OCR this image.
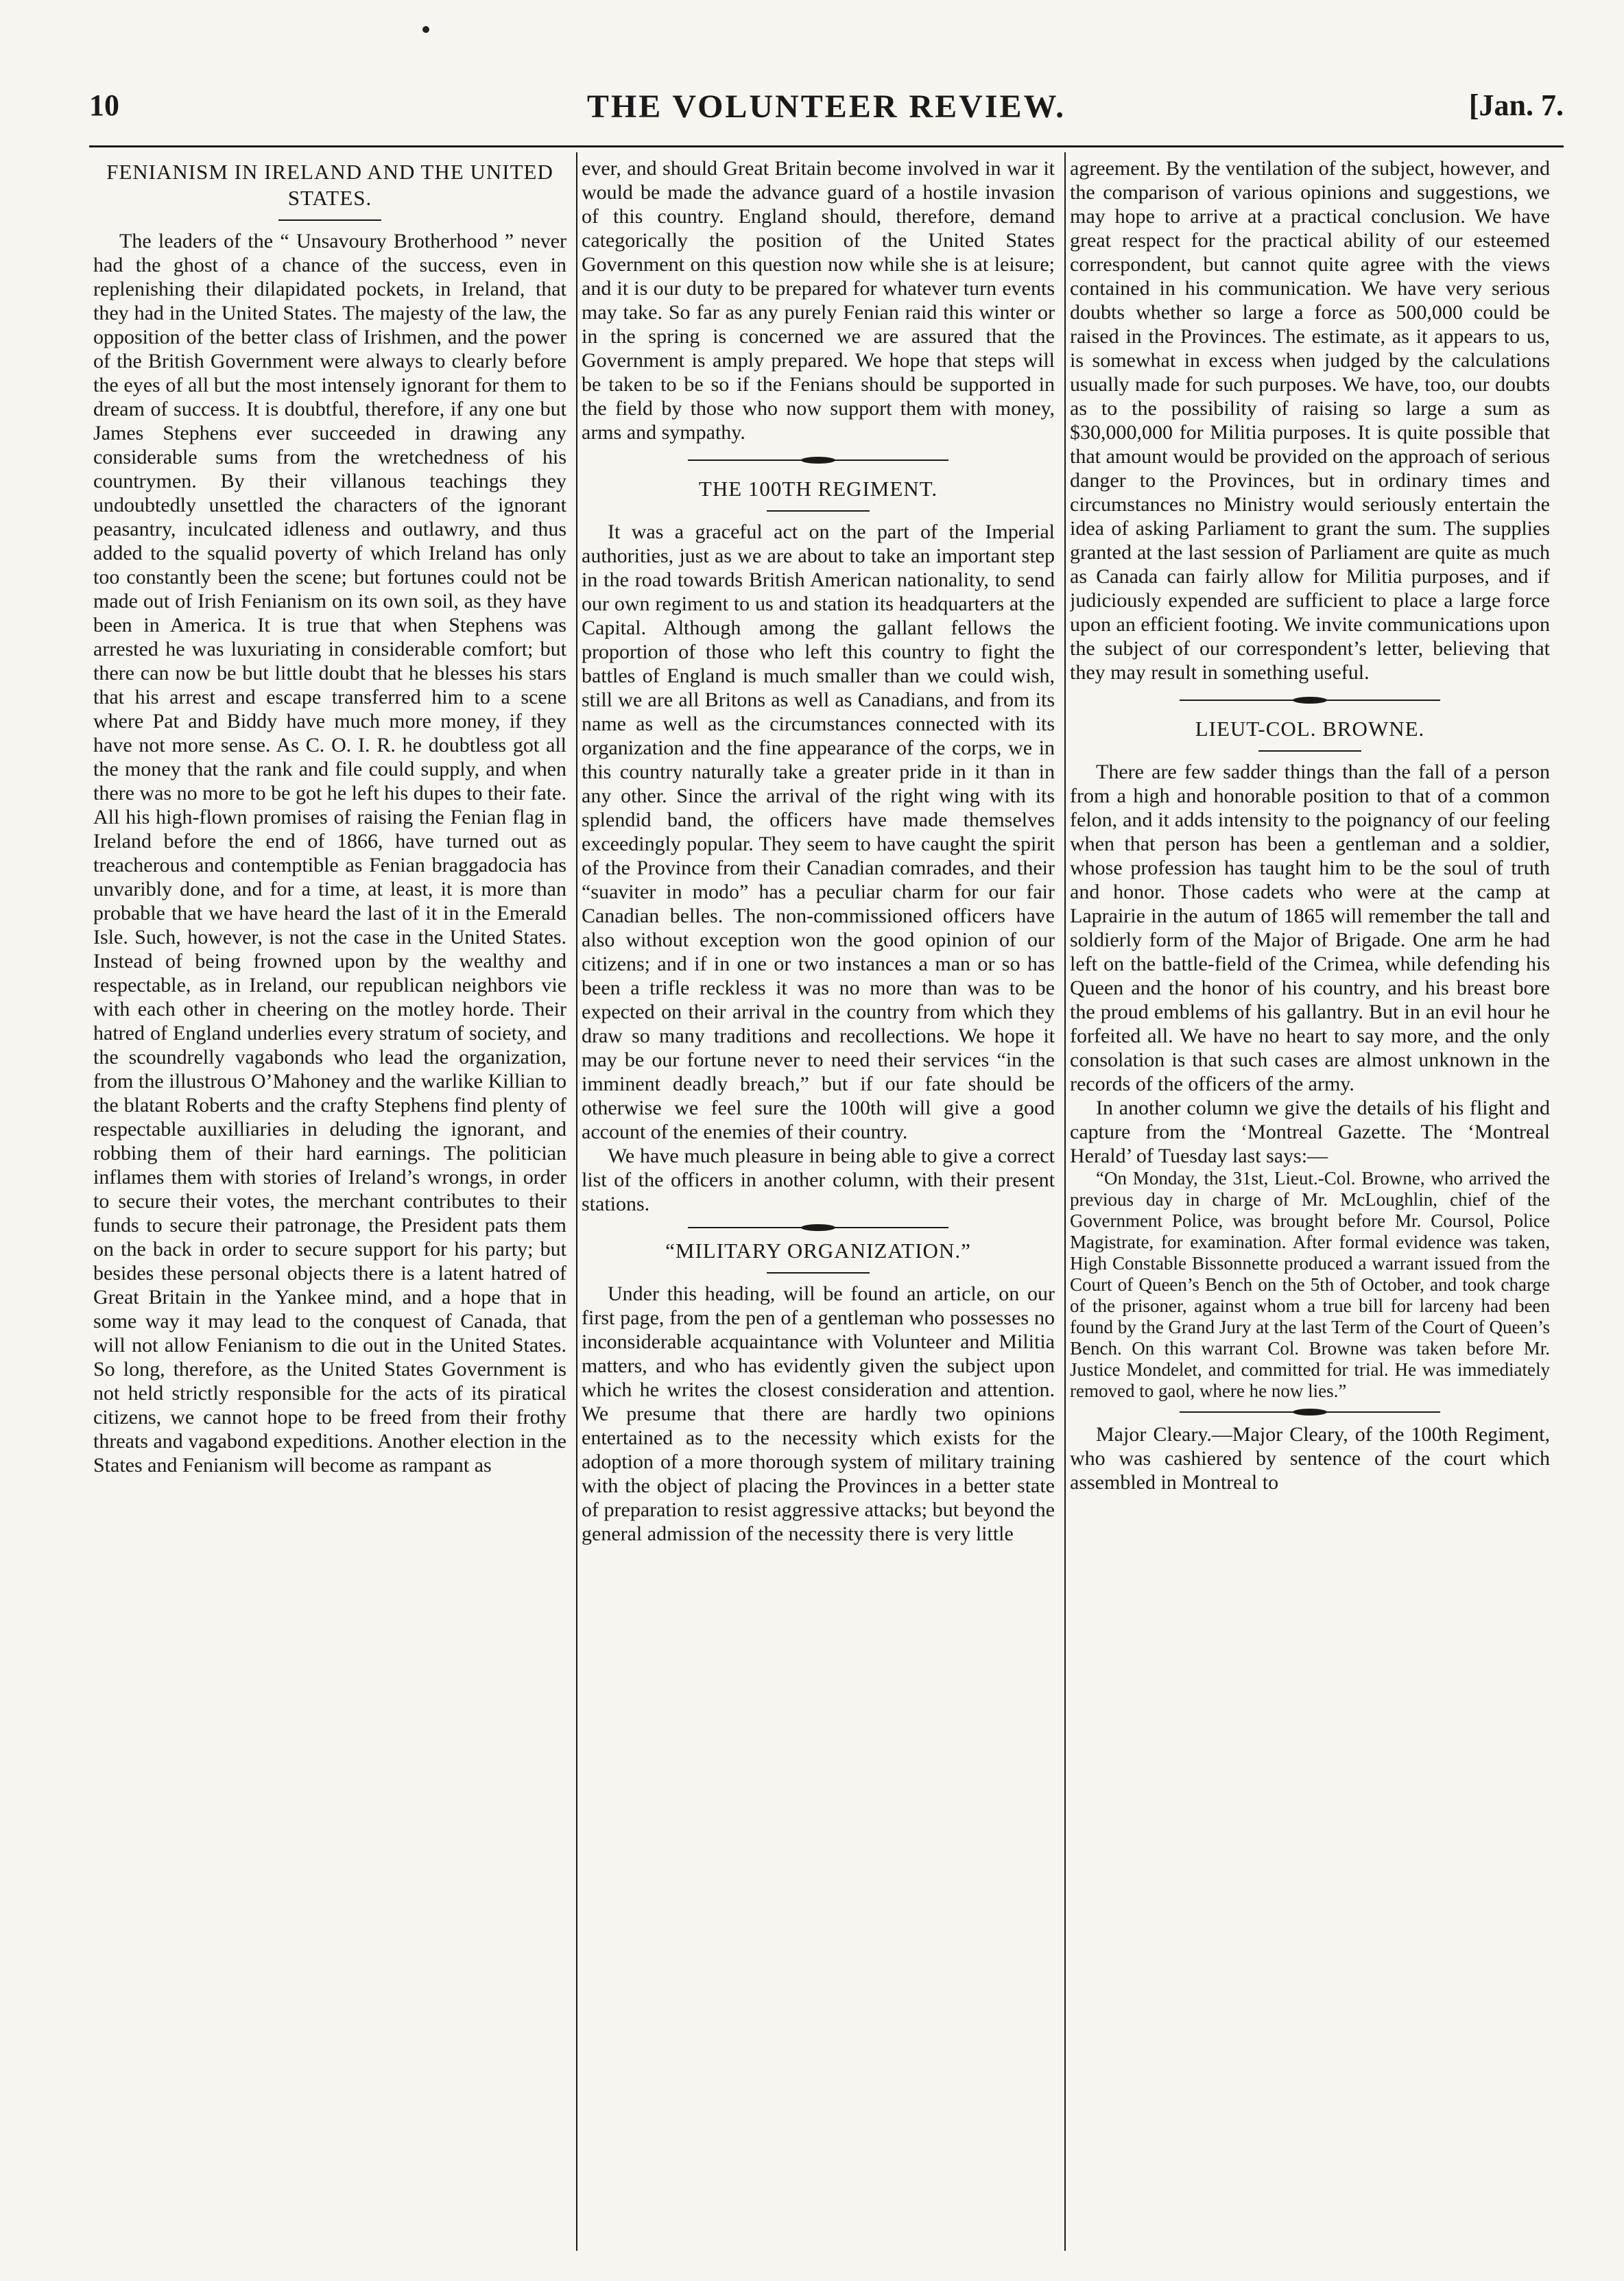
10	THE VOLUNTEER REVIEW.	[Jan. 7.
FENIANISM IN IRELAND AND THE UNITED STATES.

The leaders of the “ Unsavoury Brotherhood ” never had the ghost of a chance of the success, even in replenishing their dilapidated pockets, in Ireland, that they had in the United States. The majesty of the law, the opposition of the better class of Irishmen, and the power of the British Government were always to clearly before the eyes of all but the most intensely ignorant for them to dream of success. It is doubtful, therefore, if any one but James Stephens ever succeeded in drawing any considerable sums from the wretchedness of his countrymen. By their villanous teachings they undoubtedly unsettled the characters of the ignorant peasantry, inculcated idleness and outlawry, and thus added to the squalid poverty of which Ireland has only too constantly been the scene; but fortunes could not be made out of Irish Fenianism on its own soil, as they have been in America. It is true that when Stephens was arrested he was luxuriating in considerable comfort; but there can now be but little doubt that he blesses his stars that his arrest and escape transferred him to a scene where Pat and Biddy have much more money, if they have not more sense. As C. O. I. R. he doubtless got all the money that the rank and file could supply, and when there was no more to be got he left his dupes to their fate. All his high-flown promises of raising the Fenian flag in Ireland before the end of 1866, have turned out as treacherous and contemptible as Fenian braggadocia has unvaribly done, and for a time, at least, it is more than probable that we have heard the last of it in the Emerald Isle. Such, however, is not the case in the United States. Instead of being frowned upon by the wealthy and respectable, as in Ireland, our republican neighbors vie with each other in cheering on the motley horde. Their hatred of England underlies every stratum of society, and the scoundrelly vagabonds who lead the organization, from the illustrous O’Mahoney and the warlike Killian to the blatant Roberts and the crafty Stephens find plenty of respectable auxilliaries in deluding the ignorant, and robbing them of their hard earnings. The politician inflames them with stories of Ireland’s wrongs, in order to secure their votes, the merchant contributes to their funds to secure their patronage, the President pats them on the back in order to secure support for his party; but besides these personal objects there is a latent hatred of Great Britain in the Yankee mind, and a hope that in some way it may lead to the conquest of Canada, that will not allow Fenianism to die out in the United States. So long, therefore, as the United States Government is not held strictly responsible for the acts of its piratical citizens, we cannot hope to be freed from their frothy threats and vagabond expeditions. Another election in the States and Fenianism will become as rampant as

ever, and should Great Britain become involved in war it would be made the advance guard of a hostile invasion of this country. England should, therefore, demand categorically the position of the United States Government on this question now while she is at leisure; and it is our duty to be prepared for whatever turn events may take. So far as any purely Fenian raid this winter or in the spring is concerned we are assured that the Government is amply prepared. We hope that steps will be taken to be so if the Fenians should be supported in the field by those who now support them with money, arms and sympathy.

THE 100TH REGIMENT.

It was a graceful act on the part of the Imperial authorities, just as we are about to take an important step in the road towards British American nationality, to send our own regiment to us and station its headquarters at the Capital. Although among the gallant fellows the proportion of those who left this country to fight the battles of England is much smaller than we could wish, still we are all Britons as well as Canadians, and from its name as well as the circumstances connected with its organization and the fine appearance of the corps, we in this country naturally take a greater pride in it than in any other. Since the arrival of the right wing with its splendid band, the officers have made themselves exceedingly popular. They seem to have caught the spirit of the Province from their Canadian comrades, and their “suaviter in modo” has a peculiar charm for our fair Canadian belles. The non-commissioned officers have also without exception won the good opinion of our citizens; and if in one or two instances a man or so has been a trifle reckless it was no more than was to be expected on their arrival in the country from which they draw so many traditions and recollections. We hope it may be our fortune never to need their services “in the imminent deadly breach,” but if our fate should be otherwise we feel sure the 100th will give a good account of the enemies of their country.

We have much pleasure in being able to give a correct list of the officers in another column, with their present stations.

“MILITARY ORGANIZATION.”

Under this heading, will be found an article, on our first page, from the pen of a gentleman who possesses no inconsiderable acquaintance with Volunteer and Militia matters, and who has evidently given the subject upon which he writes the closest consideration and attention. We presume that there are hardly two opinions entertained as to the necessity which exists for the adoption of a more thorough system of military training with the object of placing the Provinces in a better state of preparation to resist aggressive attacks; but beyond the general admission of the necessity there is very little

agreement. By the ventilation of the subject, however, and the comparison of various opinions and suggestions, we may hope to arrive at a practical conclusion. We have great respect for the practical ability of our esteemed correspondent, but cannot quite agree with the views contained in his communication. We have very serious doubts whether so large a force as 500,000 could be raised in the Provinces. The estimate, as it appears to us, is somewhat in excess when judged by the calculations usually made for such purposes. We have, too, our doubts as to the possibility of raising so large a sum as $30,000,000 for Militia purposes. It is quite possible that that amount would be provided on the approach of serious danger to the Provinces, but in ordinary times and circumstances no Ministry would seriously entertain the idea of asking Parliament to grant the sum. The supplies granted at the last session of Parliament are quite as much as Canada can fairly allow for Militia purposes, and if judiciously expended are sufficient to place a large force upon an efficient footing. We invite communications upon the subject of our correspondent’s letter, believing that they may result in something useful.

LIEUT-COL. BROWNE.

There are few sadder things than the fall of a person from a high and honorable position to that of a common felon, and it adds intensity to the poignancy of our feeling when that person has been a gentleman and a soldier, whose profession has taught him to be the soul of truth and honor. Those cadets who were at the camp at Laprairie in the autum of 1865 will remember the tall and soldierly form of the Major of Brigade. One arm he had left on the battle-field of the Crimea, while defending his Queen and the honor of his country, and his breast bore the proud emblems of his gallantry. But in an evil hour he forfeited all. We have no heart to say more, and the only consolation is that such cases are almost unknown in the records of the officers of the army.

In another column we give the details of his flight and capture from the ‘Montreal Gazette. The ‘Montreal Herald’ of Tuesday last says:—

“On Monday, the 31st, Lieut.-Col. Browne, who arrived the previous day in charge of Mr. McLoughlin, chief of the Government Police, was brought before Mr. Coursol, Police Magistrate, for examination. After formal evidence was taken, High Constable Bissonnette produced a warrant issued from the Court of Queen’s Bench on the 5th of October, and took charge of the prisoner, against whom a true bill for larceny had been found by the Grand Jury at the last Term of the Court of Queen’s Bench. On this warrant Col. Browne was taken before Mr. Justice Mondelet, and committed for trial. He was immediately removed to gaol, where he now lies.”

Major Cleary.—Major Cleary, of the 100th Regiment, who was cashiered by sentence of the court which assembled in Montreal to
